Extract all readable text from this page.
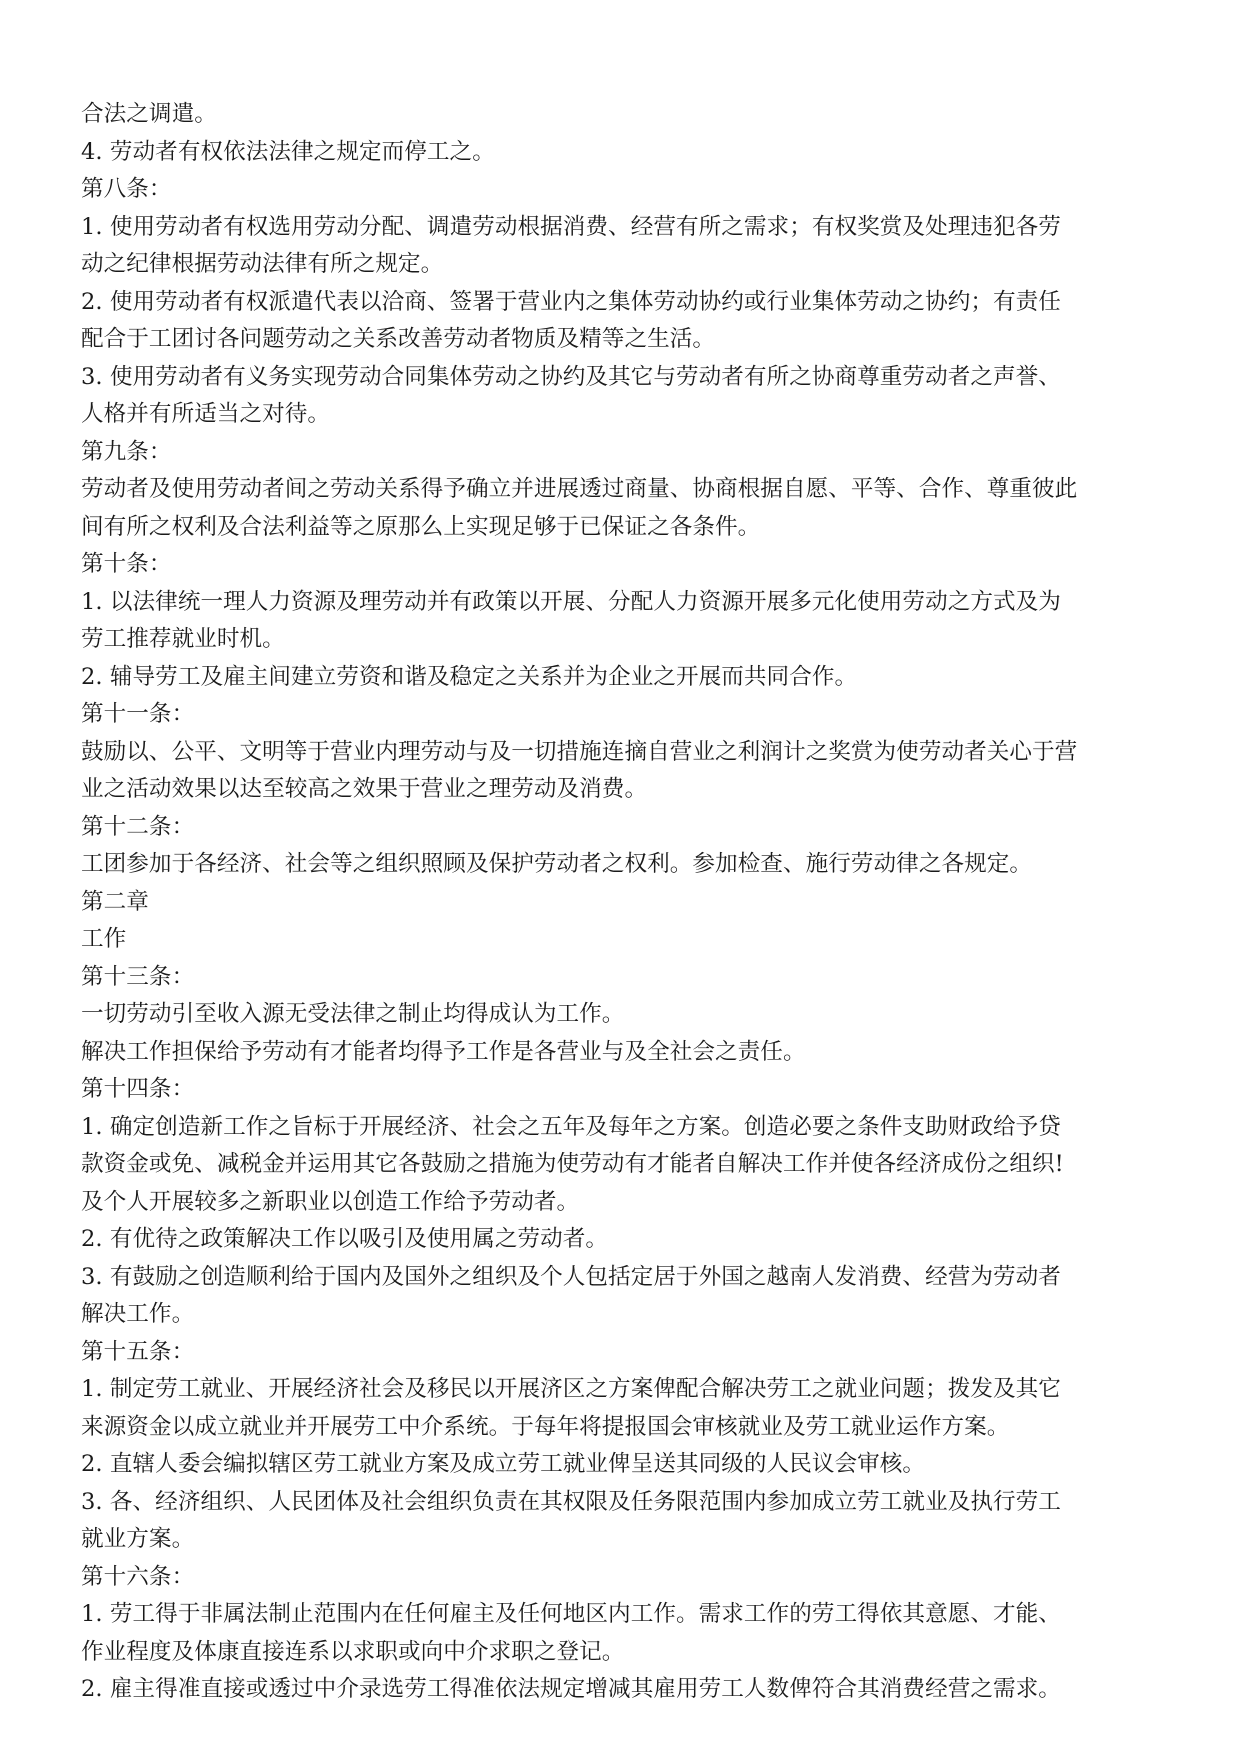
合法之调遣。
4. 劳动者有权依法法律之规定而停工之。
第八条：
1. 使用劳动者有权选用劳动分配、调遣劳动根据消费、经营有所之需求；有权奖赏及处理违犯各劳
动之纪律根据劳动法律有所之规定。
2. 使用劳动者有权派遣代表以洽商、签署于营业内之集体劳动协约或行业集体劳动之协约；有责任
配合于工团讨各问题劳动之关系改善劳动者物质及精等之生活。
3. 使用劳动者有义务实现劳动合同集体劳动之协约及其它与劳动者有所之协商尊重劳动者之声誉、
人格并有所适当之对待。
第九条：
劳动者及使用劳动者间之劳动关系得予确立并进展透过商量、协商根据自愿、平等、合作、尊重彼此
间有所之权利及合法利益等之原那么上实现足够于已保证之各条件。
第十条：
1. 以法律统一理人力资源及理劳动并有政策以开展、分配人力资源开展多元化使用劳动之方式及为
劳工推荐就业时机。
2. 辅导劳工及雇主间建立劳资和谐及稳定之关系并为企业之开展而共同合作。
第十一条：
鼓励以、公平、文明等于营业内理劳动与及一切措施连摘自营业之利润计之奖赏为使劳动者关心于营
业之活动效果以达至较高之效果于营业之理劳动及消费。
第十二条：
工团参加于各经济、社会等之组织照顾及保护劳动者之权利。参加检查、施行劳动律之各规定。
第二章
工作
第十三条：
一切劳动引至收入源无受法律之制止均得成认为工作。
解决工作担保给予劳动有才能者均得予工作是各营业与及全社会之责任。
第十四条：
1. 确定创造新工作之旨标于开展经济、社会之五年及每年之方案。创造必要之条件支助财政给予贷
款资金或免、减税金并运用其它各鼓励之措施为使劳动有才能者自解决工作并使各经济成份之组织!
及个人开展较多之新职业以创造工作给予劳动者。
2. 有优待之政策解决工作以吸引及使用属之劳动者。
3. 有鼓励之创造顺利给于国内及国外之组织及个人包括定居于外国之越南人发消费、经营为劳动者
解决工作。
第十五条：
1. 制定劳工就业、开展经济社会及移民以开展济区之方案俾配合解决劳工之就业问题；拨发及其它
来源资金以成立就业并开展劳工中介系统。于每年将提报国会审核就业及劳工就业运作方案。
2. 直辖人委会编拟辖区劳工就业方案及成立劳工就业俾呈送其同级的人民议会审核。
3. 各、经济组织、人民团体及社会组织负责在其权限及任务限范围内参加成立劳工就业及执行劳工
就业方案。
第十六条：
1. 劳工得于非属法制止范围内在任何雇主及任何地区内工作。需求工作的劳工得依其意愿、才能、
作业程度及体康直接连系以求职或向中介求职之登记。
2. 雇主得准直接或透过中介录选劳工得准依法规定增减其雇用劳工人数俾符合其消费经营之需求。
